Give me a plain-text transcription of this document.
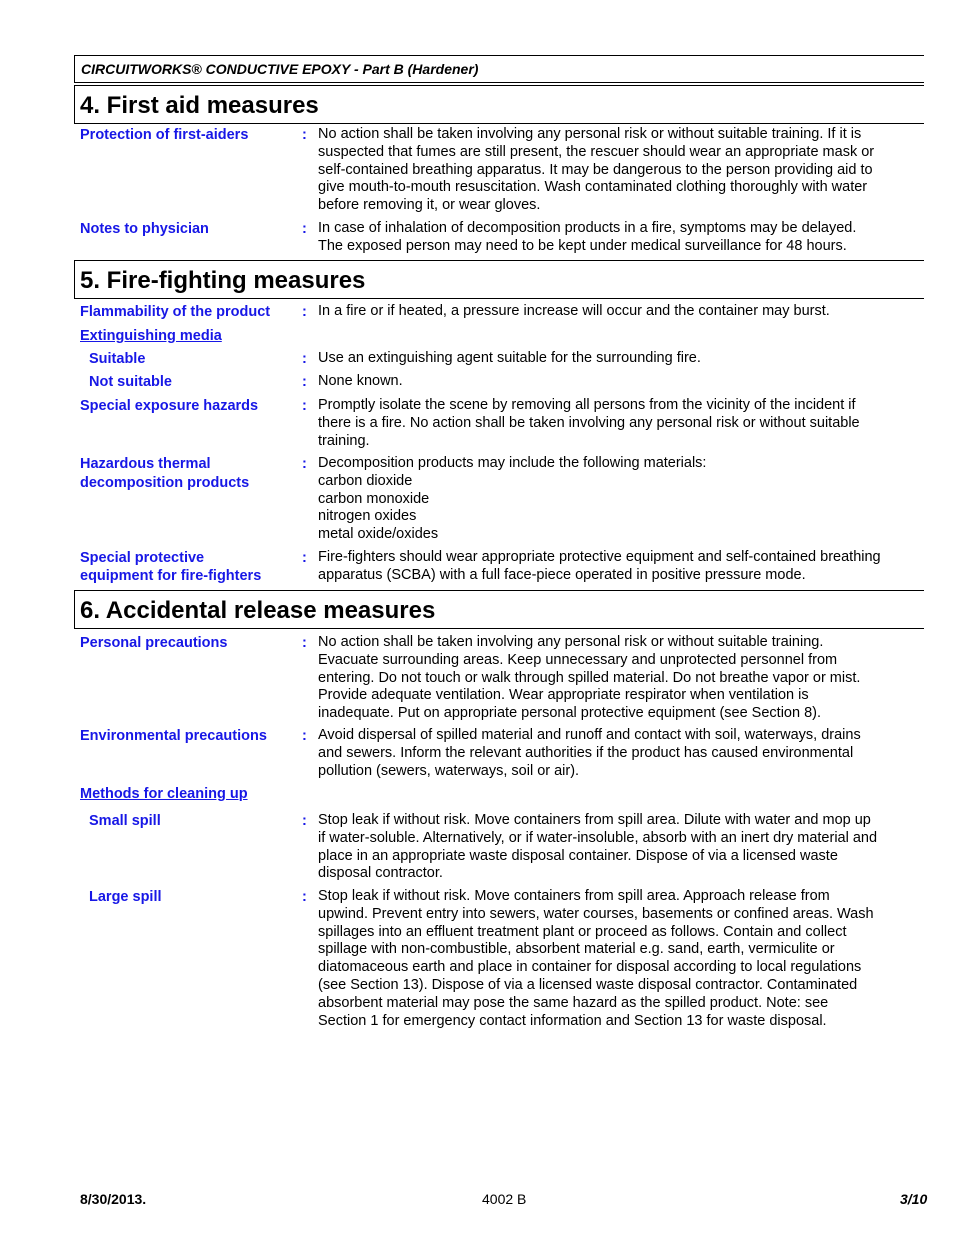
CIRCUITWORKS® CONDUCTIVE EPOXY - Part B (Hardener)
4. First aid measures
Protection of first-aiders	: No action shall be taken involving any personal risk or without suitable training. If it is
suspected that fumes are still present, the rescuer should wear an appropriate mask or
self-contained breathing apparatus. It may be dangerous to the person providing aid to
give mouth-to-mouth resuscitation. Wash contaminated clothing thoroughly with water
before removing it, or wear gloves.
Notes to physician	: In case of inhalation of decomposition products in a fire, symptoms may be delayed.
The exposed person may need to be kept under medical surveillance for 48 hours.
5. Fire-fighting measures
Flammability of the product : In a fire or if heated, a pressure increase will occur and the container may burst.
Extinguishing media
Suitable	: Use an extinguishing agent suitable for the surrounding fire.
Not suitable	: None known.
Special exposure hazards	: Promptly isolate the scene by removing all persons from the vicinity of the incident if
there is a fire. No action shall be taken involving any personal risk or without suitable
training.
Hazardous thermal
decomposition products
: Decomposition products may include the following materials:
carbon dioxide
carbon monoxide
nitrogen oxides
metal oxide/oxides
Special protective
equipment for fire-fighters
: Fire-fighters should wear appropriate protective equipment and self-contained breathing
apparatus (SCBA) with a full face-piece operated in positive pressure mode.
6. Accidental release measures
Personal precautions	: No action shall be taken involving any personal risk or without suitable training.
Evacuate surrounding areas. Keep unnecessary and unprotected personnel from
entering. Do not touch or walk through spilled material. Do not breathe vapor or mist.
Provide adequate ventilation. Wear appropriate respirator when ventilation is
inadequate. Put on appropriate personal protective equipment (see Section 8).
Environmental precautions : Avoid dispersal of spilled material and runoff and contact with soil, waterways, drains
and sewers. Inform the relevant authorities if the product has caused environmental
pollution (sewers, waterways, soil or air).
Methods for cleaning up
Small spill	: Stop leak if without risk. Move containers from spill area. Dilute with water and mop up
if water-soluble. Alternatively, or if water-insoluble, absorb with an inert dry material and
place in an appropriate waste disposal container. Dispose of via a licensed waste
disposal contractor.
Large spill	: Stop leak if without risk. Move containers from spill area. Approach release from
upwind. Prevent entry into sewers, water courses, basements or confined areas. Wash
spillages into an effluent treatment plant or proceed as follows. Contain and collect
spillage with non-combustible, absorbent material e.g. sand, earth, vermiculite or
diatomaceous earth and place in container for disposal according to local regulations
(see Section 13). Dispose of via a licensed waste disposal contractor. Contaminated
absorbent material may pose the same hazard as the spilled product. Note: see
Section 1 for emergency contact information and Section 13 for waste disposal.
8/30/2013.	4002 B	3/10
